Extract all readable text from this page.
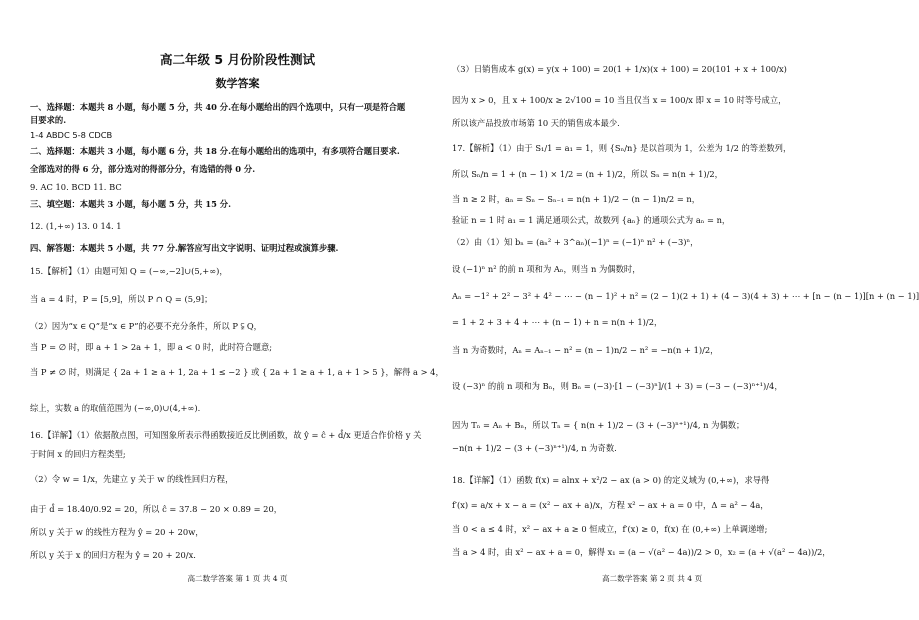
高二年级 5 月份阶段性测试
数学答案
一、选择题：本题共 8 小题，每小题 5 分，共 40 分.在每小题给出的四个选项中，只有一项是符合题
目要求的.
1-4 ABDC 5-8 CDCB
二、选择题：本题共 3 小题，每小题 6 分，共 18 分.在每小题给出的选项中，有多项符合题目要求.
全部选对的得 6 分，部分选对的得部分分，有选错的得 0 分.
9. AC 10. BCD 11. BC
三、填空题：本题共 3 小题，每小题 5 分，共 15 分.
12. (1,+∞) 13. 0 14. 1
四、解答题：本题共 5 小题，共 77 分.解答应写出文字说明、证明过程或演算步骤.
15.【解析】（1）由题可知 Q = (−∞,−2]∪(5,+∞)，
当 a = 4 时，P = [5,9]，所以 P ∩ Q = (5,9]；
（2）因为“x ∈ Q”是“x ∈ P”的必要不充分条件，所以 P ⫋ Q，
当 P = ∅ 时，即 a + 1 > 2a + 1，即 a < 0 时，此时符合题意;
当 P ≠ ∅ 时，则满足 { 2a + 1 ≥ a + 1, 2a + 1 ≤ −2 } 或 { 2a + 1 ≥ a + 1, a + 1 > 5 }，解得 a > 4，
综上，实数 a 的取值范围为 (−∞,0)∪(4,+∞).
16.【详解】（1）依据散点图，可知图象所表示得函数接近反比例函数，故 ŷ = ĉ + d̂/x 更适合作价格 y 关
于时间 x 的回归方程类型;
（2）令 w = 1/x，先建立 y 关于 w 的线性回归方程，
由于 d̂ = 18.40/0.92 = 20，所以 ĉ = 37.8 − 20 × 0.89 = 20，
所以 y 关于 w 的线性方程为 ŷ = 20 + 20w，
所以 y 关于 x 的回归方程为 ŷ = 20 + 20/x.
高二数学答案 第 1 页 共 4 页
（3）日销售成本 g(x) = y(x + 100) = 20(1 + 1/x)(x + 100) = 20(101 + x + 100/x)
因为 x > 0，且 x + 100/x ≥ 2√100 = 10 当且仅当 x = 100/x 即 x = 10 时等号成立，
所以该产品投放市场第 10 天的销售成本最少.
17.【解析】（1）由于 S₁/1 = a₁ = 1，则 {Sₙ/n} 是以首项为 1，公差为 1/2 的等差数列，
所以 Sₙ/n = 1 + (n − 1) × 1/2 = (n + 1)/2，所以 Sₙ = n(n + 1)/2，
当 n ≥ 2 时，aₙ = Sₙ − Sₙ₋₁ = n(n + 1)/2 − (n − 1)n/2 = n，
验证 n = 1 时 a₁ = 1 满足通项公式，故数列 {aₙ} 的通项公式为 aₙ = n，
（2）由（1）知 bₙ = (aₙ² + 3^aₙ)(−1)ⁿ = (−1)ⁿ n² + (−3)ⁿ，
设 (−1)ⁿ n² 的前 n 项和为 Aₙ，则当 n 为偶数时，
Aₙ = −1² + 2² − 3² + 4² − ⋯ − (n − 1)² + n² = (2 − 1)(2 + 1) + (4 − 3)(4 + 3) + ⋯ + [n − (n − 1)][n + (n − 1)]
= 1 + 2 + 3 + 4 + ⋯ + (n − 1) + n = n(n + 1)/2，
当 n 为奇数时，Aₙ = Aₙ₋₁ − n² = (n − 1)n/2 − n² = −n(n + 1)/2，
设 (−3)ⁿ 的前 n 项和为 Bₙ，则 Bₙ = (−3)·[1 − (−3)ⁿ]/(1 + 3) = (−3 − (−3)ⁿ⁺¹)/4，
因为 Tₙ = Aₙ + Bₙ，所以 Tₙ = { n(n + 1)/2 − (3 + (−3)ⁿ⁺¹)/4, n 为偶数；
−n(n + 1)/2 − (3 + (−3)ⁿ⁺¹)/4, n 为奇数.
18.【详解】（1）函数 f(x) = alnx + x²/2 − ax (a > 0) 的定义域为 (0,+∞)，求导得
f′(x) = a/x + x − a = (x² − ax + a)/x，方程 x² − ax + a = 0 中，Δ = a² − 4a，
当 0 < a ≤ 4 时，x² − ax + a ≥ 0 恒成立，f′(x) ≥ 0，f(x) 在 (0,+∞) 上单调递增;
当 a > 4 时，由 x² − ax + a = 0，解得 x₁ = (a − √(a² − 4a))/2 > 0，x₂ = (a + √(a² − 4a))/2，
高二数学答案 第 2 页 共 4 页
